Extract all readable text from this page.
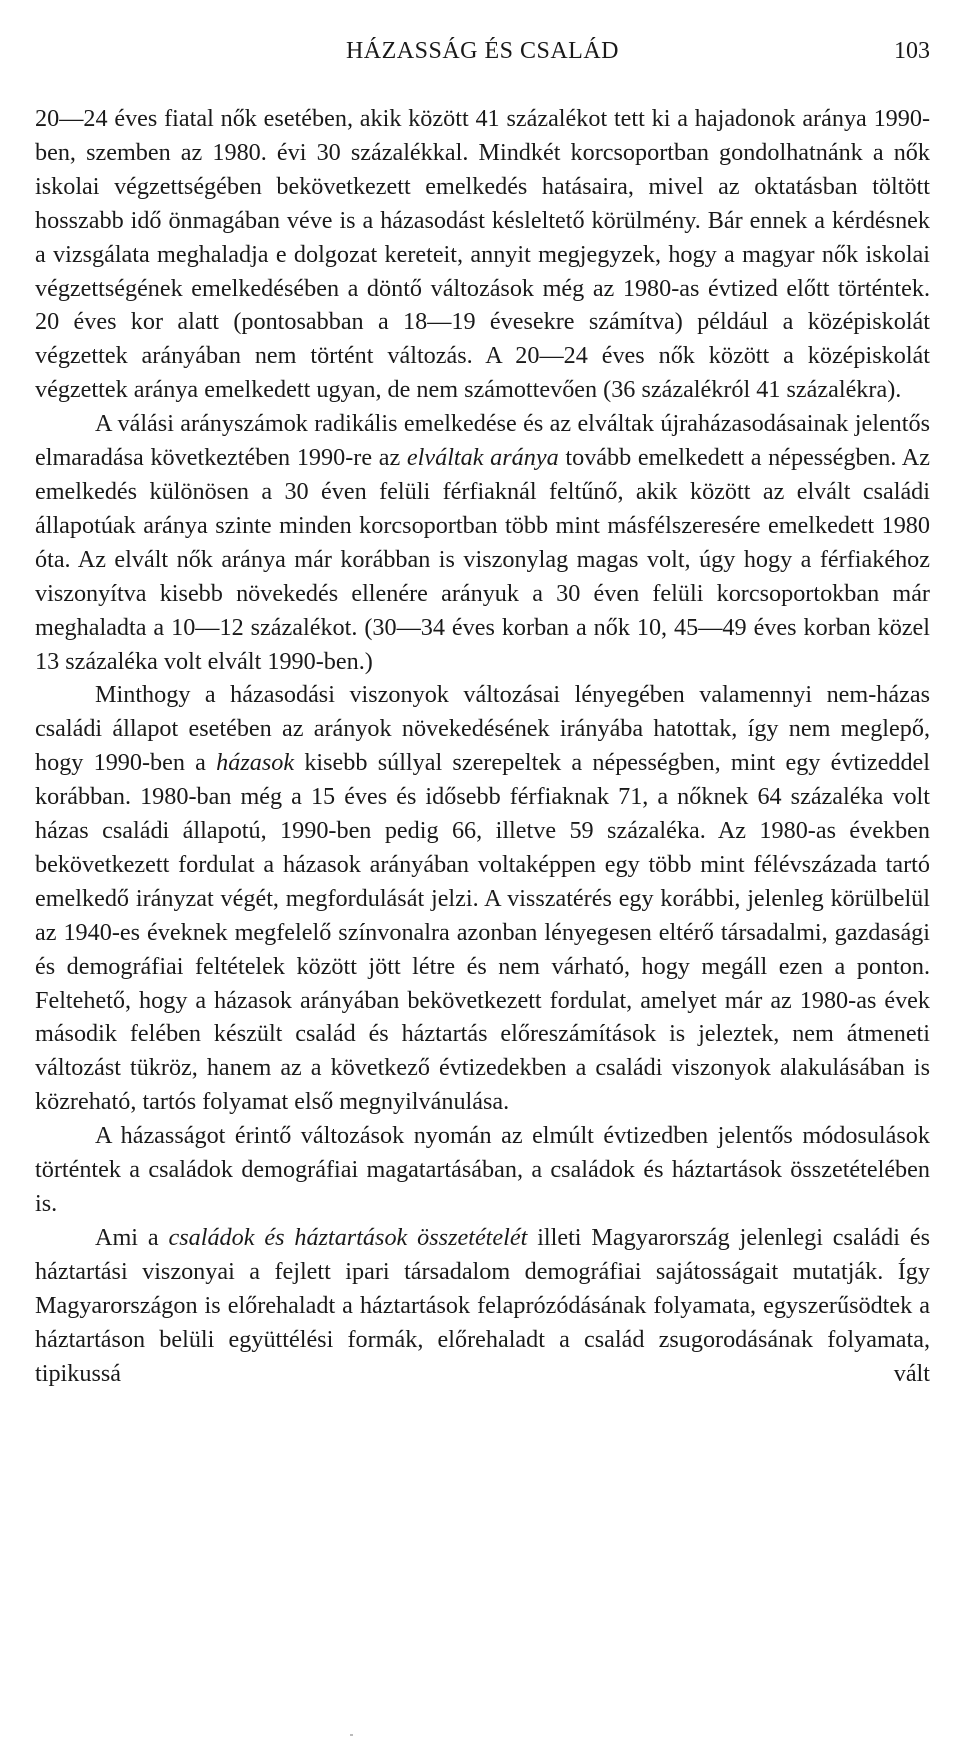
HÁZASSÁG ÉS CSALÁD	103

20—24 éves fiatal nők esetében, akik között 41 százalékot tett ki a hajadonok aránya 1990-ben, szemben az 1980. évi 30 százalékkal. Mindkét korcsoportban gondolhatnánk a nők iskolai végzettségében bekövetkezett emelkedés hatásaira, mivel az oktatásban töltött hosszabb idő önmagában véve is a házasodást késleltető körülmény. Bár ennek a kérdésnek a vizsgálata meghaladja e dolgozat kereteit, annyit megjegyzek, hogy a magyar nők iskolai végzettségének emelkedésében a döntő változások még az 1980-as évtized előtt történtek. 20 éves kor alatt (pontosabban a 18—19 évesekre számítva) például a középiskolát végzettek arányában nem történt változás. A 20—24 éves nők között a középiskolát végzettek aránya emelkedett ugyan, de nem számottevően (36 százalékról 41 százalékra).

A válási arányszámok radikális emelkedése és az elváltak újraházasodásainak jelentős elmaradása következtében 1990-re az elváltak aránya tovább emelkedett a népességben. Az emelkedés különösen a 30 éven felüli férfiaknál feltűnő, akik között az elvált családi állapotúak aránya szinte minden korcsoportban több mint másfélszeresére emelkedett 1980 óta. Az elvált nők aránya már korábban is viszonylag magas volt, úgy hogy a férfiakéhoz viszonyítva kisebb növekedés ellenére arányuk a 30 éven felüli korcsoportokban már meghaladta a 10—12 százalékot. (30—34 éves korban a nők 10, 45—49 éves korban közel 13 százaléka volt elvált 1990-ben.)

Minthogy a házasodási viszonyok változásai lényegében valamennyi nem-házas családi állapot esetében az arányok növekedésének irányába hatottak, így nem meglepő, hogy 1990-ben a házasok kisebb súllyal szerepeltek a népességben, mint egy évtizeddel korábban. 1980-ban még a 15 éves és idősebb férfiaknak 71, a nőknek 64 százaléka volt házas családi állapotú, 1990-ben pedig 66, illetve 59 százaléka. Az 1980-as években bekövetkezett fordulat a házasok arányában voltaképpen egy több mint félévszázada tartó emelkedő irányzat végét, megfordulását jelzi. A visszatérés egy korábbi, jelenleg körülbelül az 1940-es éveknek megfelelő színvonalra azonban lényegesen eltérő társadalmi, gazdasági és demográfiai feltételek között jött létre és nem várható, hogy megáll ezen a ponton. Feltehető, hogy a házasok arányában bekövetkezett fordulat, amelyet már az 1980-as évek második felében készült család és háztartás előreszámítások is jeleztek, nem átmeneti változást tükröz, hanem az a következő évtizedekben a családi viszonyok alakulásában is közreható, tartós folyamat első megnyilvánulása.

A házasságot érintő változások nyomán az elmúlt évtizedben jelentős módosulások történtek a családok demográfiai magatartásában, a családok és háztartások összetételében is.

Ami a családok és háztartások összetételét illeti Magyarország jelenlegi családi és háztartási viszonyai a fejlett ipari társadalom demográfiai sajátosságait mutatják. Így Magyarországon is előrehaladt a háztartások felaprózódásának folyamata, egyszerűsödtek a háztartáson belüli együttélési formák, előrehaladt a család zsugorodásának folyamata, tipikussá vált
